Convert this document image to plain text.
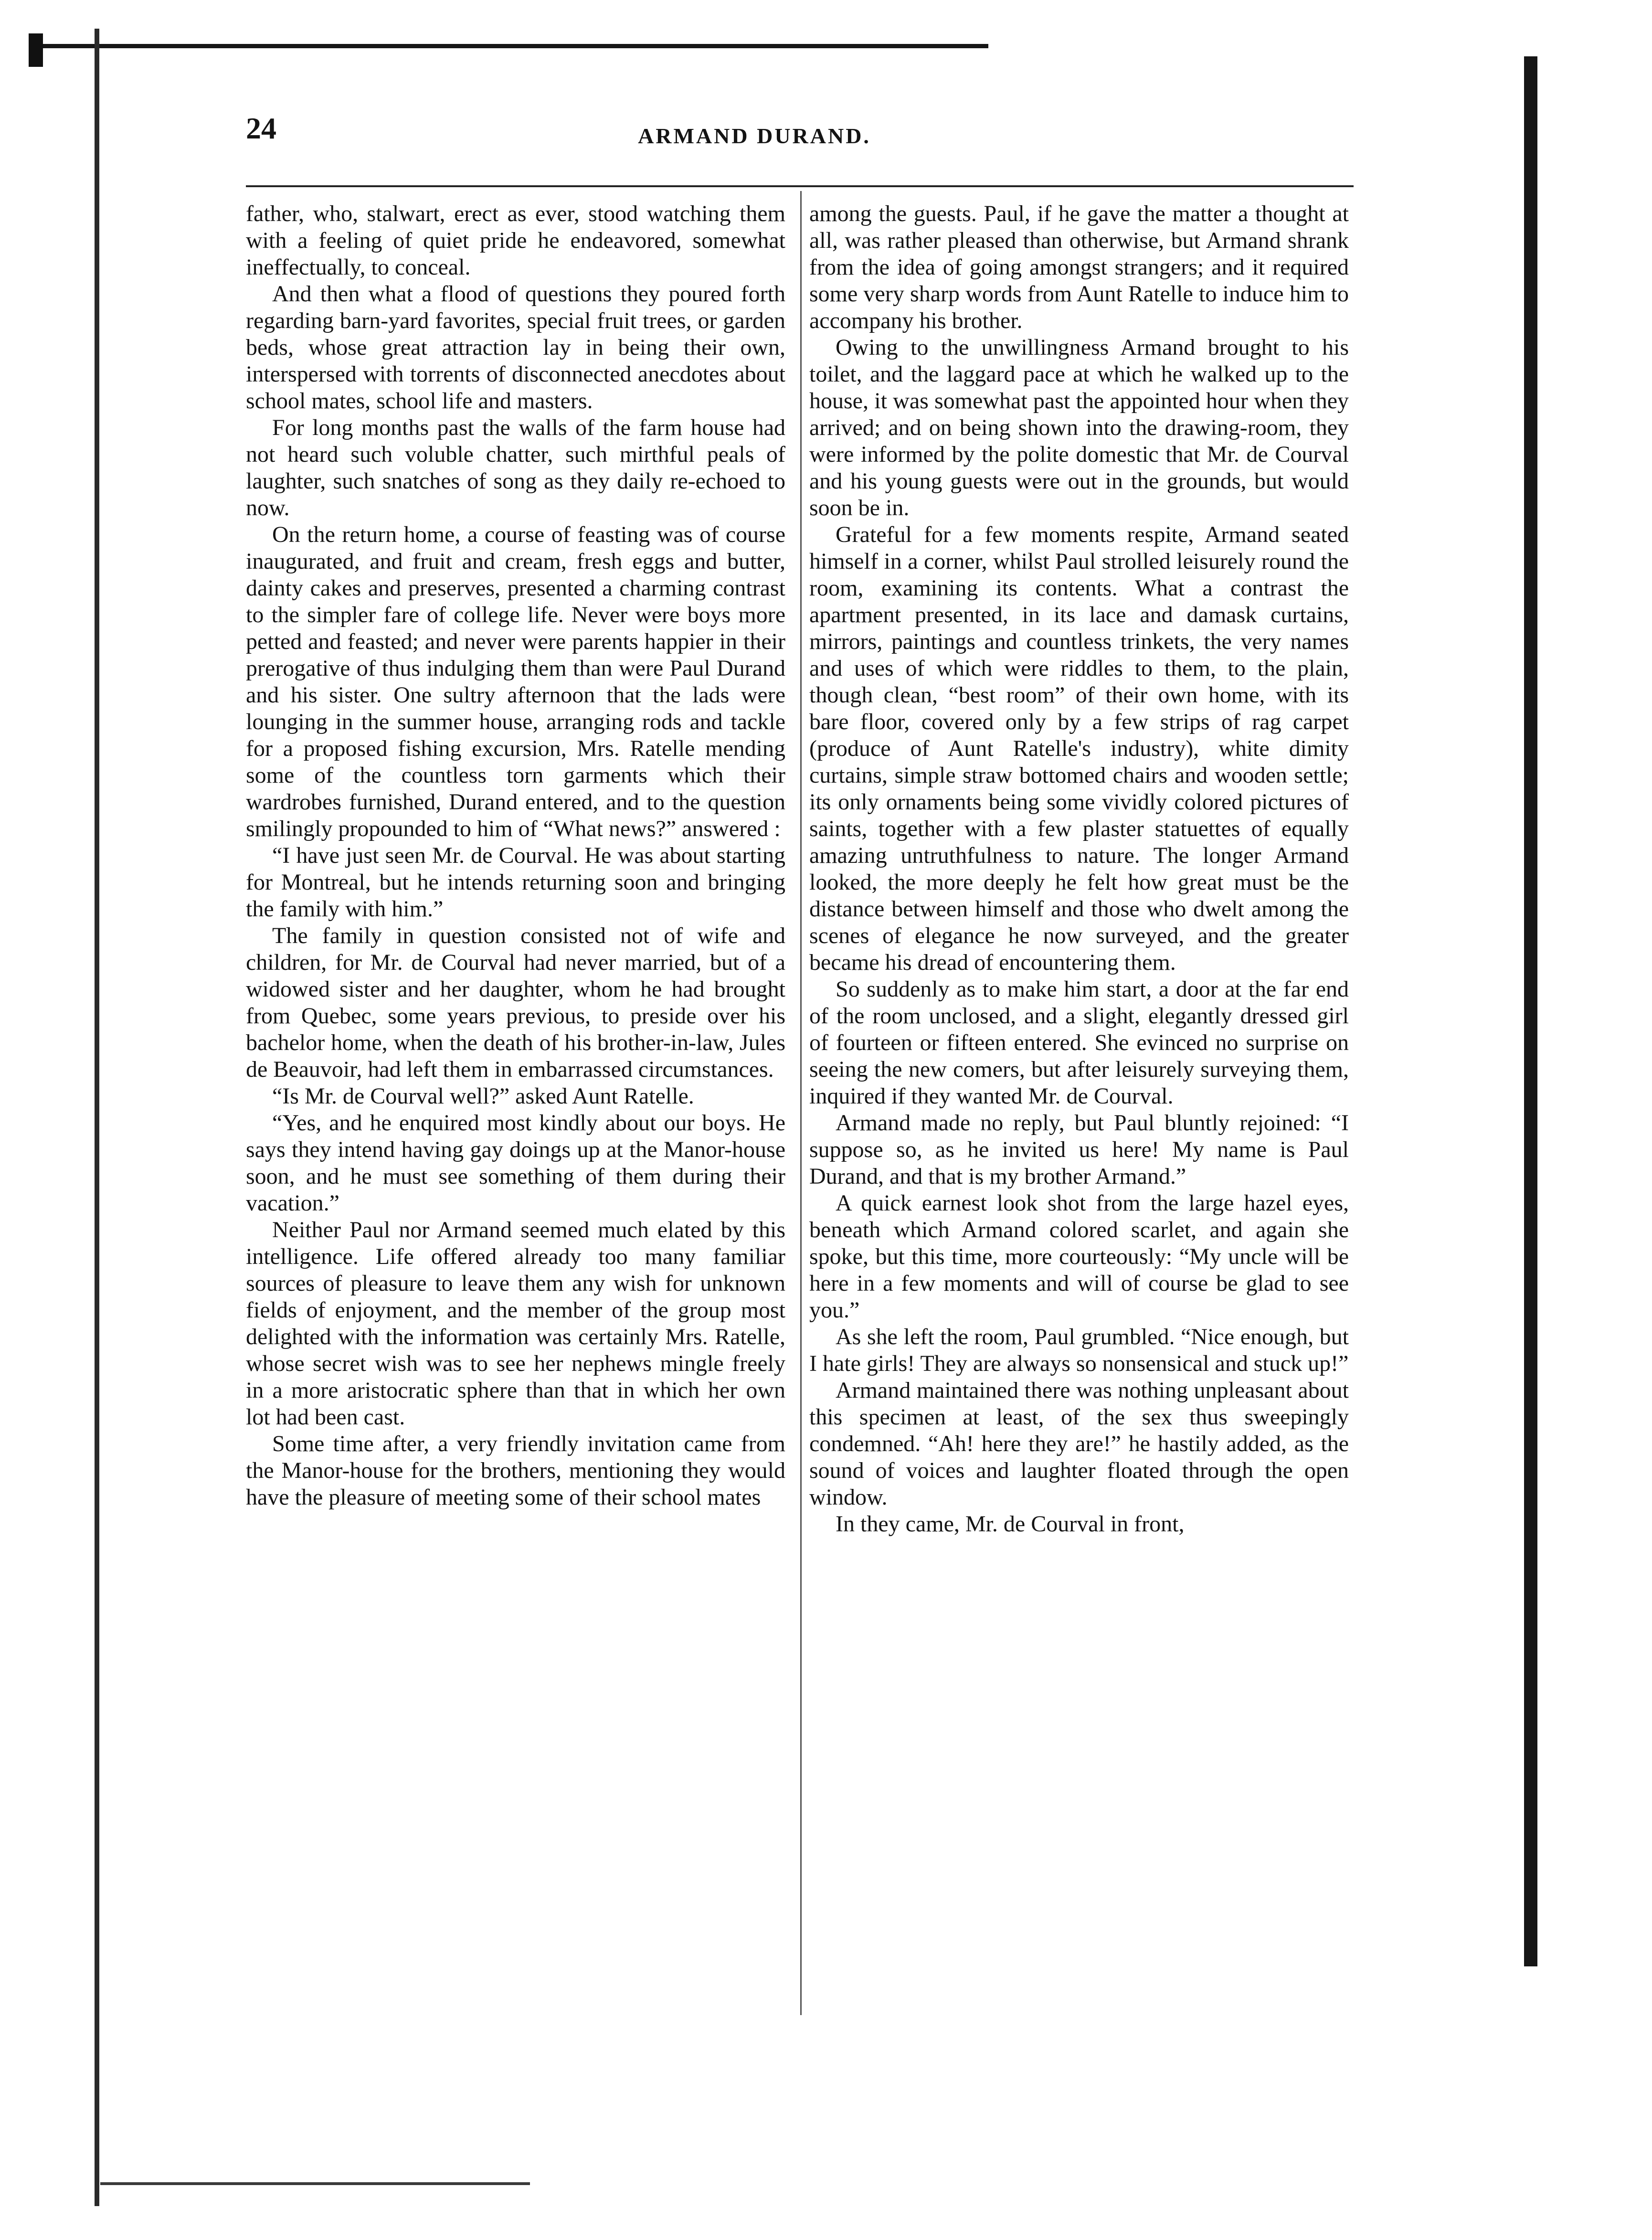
24	ARMAND DURAND.

father, who, stalwart, erect as ever, stood watching them with a feeling of quiet pride he endeavored, somewhat ineffectually, to conceal.

And then what a flood of questions they poured forth regarding barn-yard favorites, special fruit trees, or garden beds, whose great attraction lay in being their own, interspersed with torrents of disconnected anecdotes about school mates, school life and masters.

For long months past the walls of the farm house had not heard such voluble chatter, such mirthful peals of laughter, such snatches of song as they daily re-echoed to now.

On the return home, a course of feasting was of course inaugurated, and fruit and cream, fresh eggs and butter, dainty cakes and preserves, presented a charming contrast to the simpler fare of college life. Never were boys more petted and feasted; and never were parents happier in their prerogative of thus indulging them than were Paul Durand and his sister. One sultry afternoon that the lads were lounging in the summer house, arranging rods and tackle for a proposed fishing excursion, Mrs. Ratelle mending some of the countless torn garments which their wardrobes furnished, Durand entered, and to the question smilingly propounded to him of “What news?” answered :

“I have just seen Mr. de Courval. He was about starting for Montreal, but he intends returning soon and bringing the family with him.”

The family in question consisted not of wife and children, for Mr. de Courval had never married, but of a widowed sister and her daughter, whom he had brought from Quebec, some years previous, to preside over his bachelor home, when the death of his brother-in-law, Jules de Beauvoir, had left them in embarrassed circumstances.

“Is Mr. de Courval well?” asked Aunt Ratelle.

“Yes, and he enquired most kindly about our boys. He says they intend having gay doings up at the Manor-house soon, and he must see something of them during their vacation.”

Neither Paul nor Armand seemed much elated by this intelligence. Life offered already too many familiar sources of pleasure to leave them any wish for unknown fields of enjoyment, and the member of the group most delighted with the information was certainly Mrs. Ratelle, whose secret wish was to see her nephews mingle freely in a more aristocratic sphere than that in which her own lot had been cast.

Some time after, a very friendly invitation came from the Manor-house for the brothers, mentioning they would have the pleasure of meeting some of their school mates

among the guests. Paul, if he gave the matter a thought at all, was rather pleased than otherwise, but Armand shrank from the idea of going amongst strangers; and it required some very sharp words from Aunt Ratelle to induce him to accompany his brother.

Owing to the unwillingness Armand brought to his toilet, and the laggard pace at which he walked up to the house, it was somewhat past the appointed hour when they arrived; and on being shown into the drawing-room, they were informed by the polite domestic that Mr. de Courval and his young guests were out in the grounds, but would soon be in.

Grateful for a few moments respite, Armand seated himself in a corner, whilst Paul strolled leisurely round the room, examining its contents. What a contrast the apartment presented, in its lace and damask curtains, mirrors, paintings and countless trinkets, the very names and uses of which were riddles to them, to the plain, though clean, “best room” of their own home, with its bare floor, covered only by a few strips of rag carpet (produce of Aunt Ratelle's industry), white dimity curtains, simple straw bottomed chairs and wooden settle; its only ornaments being some vividly colored pictures of saints, together with a few plaster statuettes of equally amazing untruthfulness to nature. The longer Armand looked, the more deeply he felt how great must be the distance between himself and those who dwelt among the scenes of elegance he now surveyed, and the greater became his dread of encountering them.

So suddenly as to make him start, a door at the far end of the room unclosed, and a slight, elegantly dressed girl of fourteen or fifteen entered. She evinced no surprise on seeing the new comers, but after leisurely surveying them, inquired if they wanted Mr. de Courval.

Armand made no reply, but Paul bluntly rejoined: “I suppose so, as he invited us here! My name is Paul Durand, and that is my brother Armand.”

A quick earnest look shot from the large hazel eyes, beneath which Armand colored scarlet, and again she spoke, but this time, more courteously: “My uncle will be here in a few moments and will of course be glad to see you.”

As she left the room, Paul grumbled. “Nice enough, but I hate girls! They are always so nonsensical and stuck up!”

Armand maintained there was nothing unpleasant about this specimen at least, of the sex thus sweepingly condemned. “Ah! here they are!” he hastily added, as the sound of voices and laughter floated through the open window.

In they came, Mr. de Courval in front,
